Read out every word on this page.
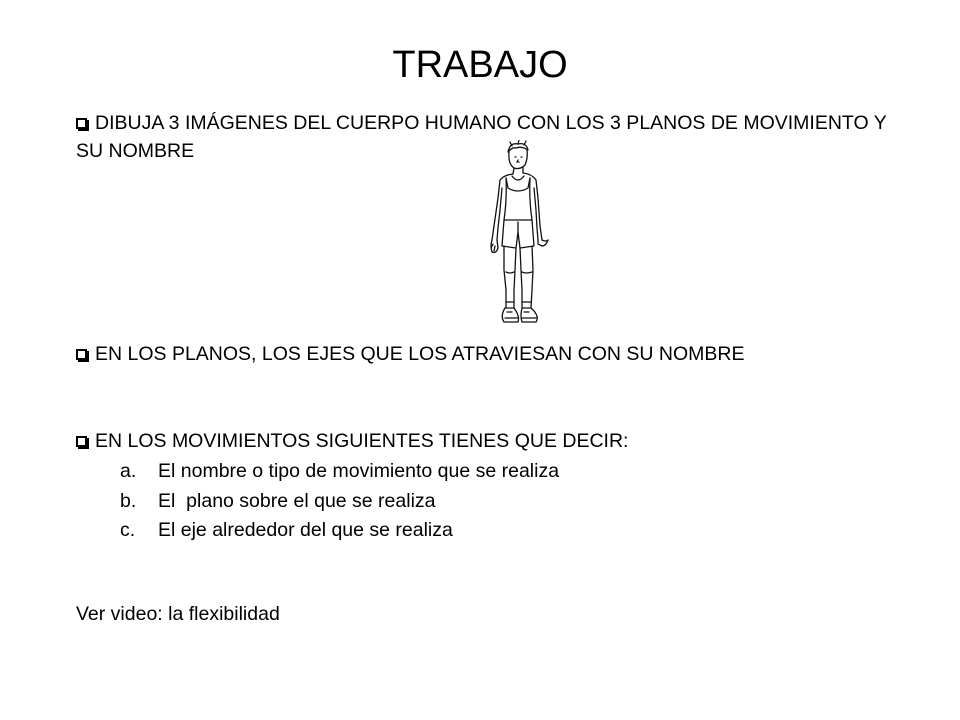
TRABAJO
DIBUJA 3 IMÁGENES DEL CUERPO HUMANO CON LOS 3 PLANOS DE MOVIMIENTO Y SU NOMBRE
EN LOS PLANOS, LOS EJES QUE LOS ATRAVIESAN CON SU NOMBRE
EN LOS MOVIMIENTOS SIGUIENTES TIENES QUE DECIR:
a.	El nombre o tipo de movimiento que se realiza
b.	El  plano sobre el que se realiza
c.	El eje alrededor del que se realiza
Ver video: la flexibilidad
